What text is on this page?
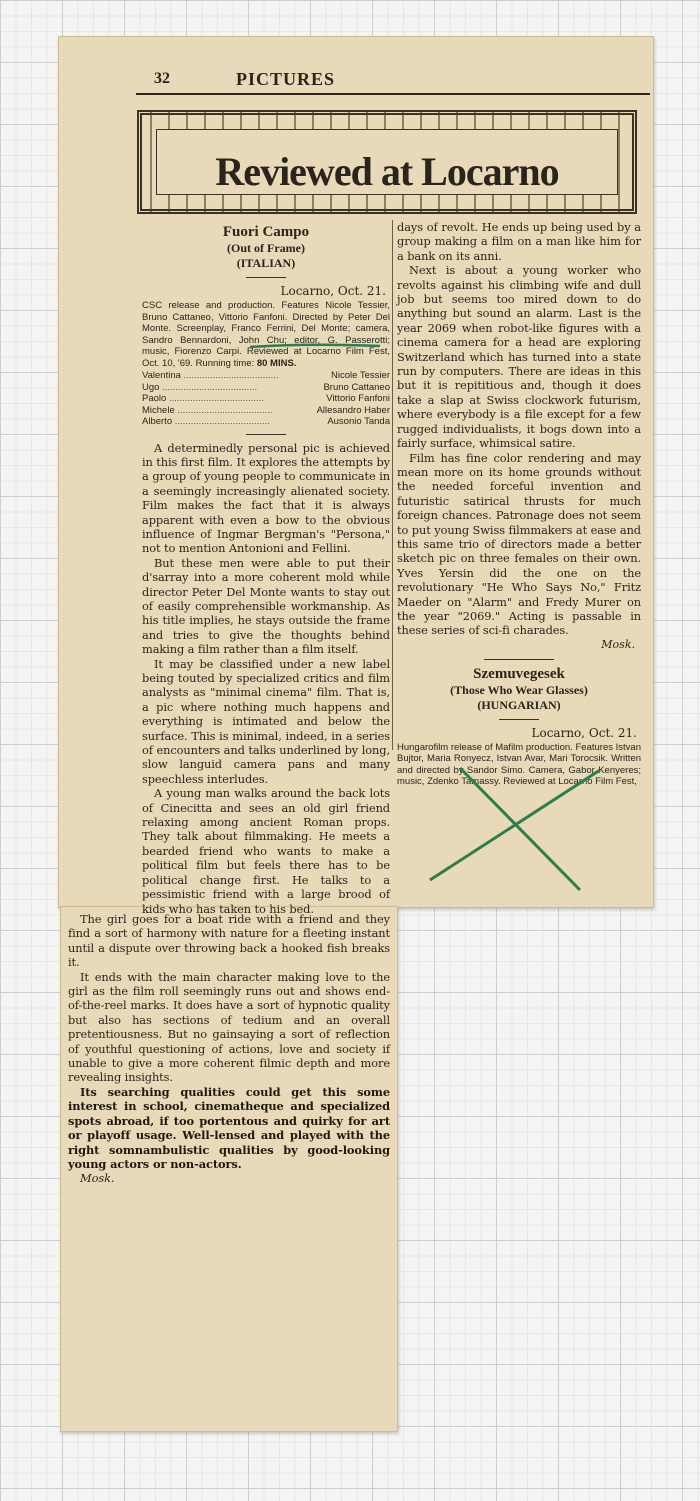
32	PICTURES
Reviewed at Locarno
Fuori Campo

(Out of Frame)

(ITALIAN)

Locarno, Oct. 21.

CSC release and production. Features Nicole Tessier, Bruno Cattaneo, Vittorio Fanfoni. Directed by Peter Del Monte. Screenplay, Franco Ferrini, Del Monte; camera, Sandro Bennardoni, John Chu; editor, G. Passerotti; music, Fiorenzo Carpi. Reviewed at Locarno Film Fest, Oct. 10, '69. Running time: 80 MINS.

Valentina .....	Nicole Tessier
Ugo .....	Bruno Cattaneo
Paolo .....	Vittorio Fanfoni
Michele .....	Allesandro Haber
Alberto .....	Ausonio Tanda

A determinedly personal pic is achieved in this first film. It explores the attempts by a group of young people to communicate in a seemingly increasingly alienated society. Film makes the fact that it is always apparent with even a bow to the obvious influence of Ingmar Bergman's "Persona," not to mention Antonioni and Fellini.

But these men were able to put their d'sarray into a more coherent mold while director Peter Del Monte wants to stay out of easily comprehensible workmanship. As his title implies, he stays outside the frame and tries to give the thoughts behind making a film rather than a film itself.

It may be classified under a new label being touted by specialized critics and film analysts as "minimal cinema" film. That is, a pic where nothing much happens and everything is intimated and below the surface. This is minimal, indeed, in a series of encounters and talks underlined by long, slow languid camera pans and many speechless interludes.

A young man walks around the back lots of Cinecitta and sees an old girl friend relaxing among ancient Roman props. They talk about filmmaking. He meets a bearded friend who wants to make a political film but feels there has to be political change first. He talks to a pessimistic friend with a large brood of kids who has taken to his bed.

days of revolt. He ends up being used by a group making a film on a man like him for a bank on its anni.

Next is about a young worker who revolts against his climbing wife and dull job but seems too mired down to do anything but sound an alarm. Last is the year 2069 when robot-like figures with a cinema camera for a head are exploring Switzerland which has turned into a state run by computers. There are ideas in this but it is repititious and, though it does take a slap at Swiss clockwork futurism, where everybody is a file except for a few rugged individualists, it bogs down into a fairly surface, whimsical satire.

Film has fine color rendering and may mean more on its home grounds without the needed forceful invention and futuristic satirical thrusts for much foreign chances. Patronage does not seem to put young Swiss filmmakers at ease and this same trio of directors made a better sketch pic on three females on their own. Yves Yersin did the one on the revolutionary "He Who Says No," Fritz Maeder on "Alarm" and Fredy Murer on the year "2069." Acting is passable in these series of sci-fi charades.

Mosk.

Szemuvegesek

(Those Who Wear Glasses)

(HUNGARIAN)

Locarno, Oct. 21.

Hungarofilm release of Mafilm production. Features Istvan Bujtor, Maria Ronyecz, Istvan Avar, Mari Torocsik. Written and directed by Sandor Simo. Camera, Gabor Kenyeres; music, Zdenko Tamassy. Reviewed at Locarno Film Fest,

The girl goes for a boat ride with a friend and they find a sort of harmony with nature for a fleeting instant until a dispute over throwing back a hooked fish breaks it.

It ends with the main character making love to the girl as the film roll seemingly runs out and shows end-of-the-reel marks. It does have a sort of hypnotic quality but also has sections of tedium and an overall pretentiousness. But no gainsaying a sort of reflection of youthful questioning of actions, love and society if unable to give a more coherent filmic depth and more revealing insights.

Its searching qualities could get this some interest in school, cinematheque and specialized spots abroad, if too portentous and quirky for art or playoff usage. Well-lensed and played with the right somnambulistic qualities by good-looking young actors or non-actors.

Mosk.
